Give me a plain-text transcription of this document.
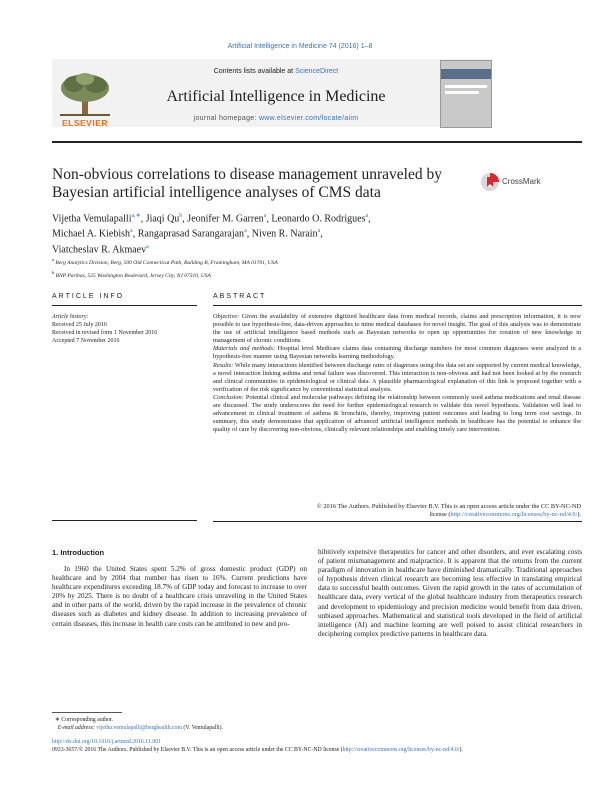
Artificial Intelligence in Medicine 74 (2016) 1–8
ELSEVIER
Contents lists available at ScienceDirect
Artificial Intelligence in Medicine
journal homepage: www.elsevier.com/locate/aiim
Non-obvious correlations to disease management unraveled by Bayesian artificial intelligence analyses of CMS data
CrossMark
Vijetha Vemulapalli$^{a,∗}$, Jiaqi Qu$^b$, Jeonifer M. Garren$^a$, Leonardo O. Rodrigues$^a$,
Michael A. Kiebish$^a$, Rangaprasad Sarangarajan$^a$, Niven R. Narain$^a$,
Viatcheslav R. Akmaev$^a$
$^a$ Berg Analytics Division, Berg, 500 Old Connecticut Path, Building B, Framingham, MA 01701, USA
$^b$ BNP Paribas, 525 Washington Boulevard, Jersey City, NJ 07310, USA
ARTICLE INFO	ABSTRACT
Article history:
Received 25 July 2016
Received in revised form 1 November 2016
Accepted 7 November 2016

Objective: Given the availability of extensive digitized healthcare data from medical records, claims and prescription information, it is now possible to use hypothesis-free, data-driven approaches to mine medical databases for novel insight. The goal of this analysis was to demonstrate the use of artificial intelligence based methods such as Bayesian networks to open up opportunities for creation of new knowledge in management of chronic conditions.

Materials and methods: Hospital level Medicare claims data containing discharge numbers for most common diagnoses were analyzed in a hypothesis-free manner using Bayesian networks learning methodology.

Results: While many interactions identified between discharge rates of diagnoses using this data set are supported by current medical knowledge, a novel interaction linking asthma and renal failure was discovered. This interaction is non-obvious and had not been looked at by the research and clinical communities in epidemiological or clinical data. A plausible pharmacological explanation of this link is proposed together with a verification of the risk significance by conventional statistical analysis.

Conclusion: Potential clinical and molecular pathways defining the relationship between commonly used asthma medications and renal disease are discussed. The study underscores the need for further epidemiological research to validate this novel hypothesis. Validation will lead to advancement in clinical treatment of asthma & bronchitis, thereby, improving patient outcomes and leading to long term cost savings. In summary, this study demonstrates that application of advanced artificial intelligence methods in healthcare has the potential to enhance the quality of care by discovering non-obvious, clinically relevant relationships and enabling timely care intervention.

© 2016 The Authors. Published by Elsevier B.V. This is an open access article under the CC BY-NC-ND
license (http://creativecommons.org/licenses/by-nc-nd/4.0/).
1. Introduction
In 1960 the United States spent 5.2% of gross domestic product (GDP) on healthcare and by 2004 that number has risen to 16%. Current predictions have healthcare expenditures exceeding 18.7% of GDP today and forecast to increase to over 20% by 2025. There is no doubt of a healthcare crisis unraveling in the United States and in other parts of the world, driven by the rapid increase in the prevalence of chronic diseases such as diabetes and kidney disease. In addition to increasing prevalence of certain diseases, this increase in health care costs can be attributed to new and pro-
hibitively expensive therapeutics for cancer and other disorders, and ever escalating costs of patient mismanagement and malpractice. It is apparent that the returns from the current paradigm of innovation in healthcare have diminished dramatically. Traditional approaches of hypothesis driven clinical research are becoming less effective in translating empirical data to successful health outcomes. Given the rapid growth in the rates of accumulation of healthcare data, every vertical of the global healthcare industry from therapeutics research and development to epidemiology and precision medicine would benefit from data driven, unbiased approaches. Mathematical and statistical tools developed in the field of artificial intelligence (AI) and machine learning are well poised to assist clinical researchers in deciphering complex predictive patterns in healthcare data.
∗ Corresponding author.
E-mail address: vijetha.vemulapalli@berghealth.com (V. Vemulapalli).
http://dx.doi.org/10.1016/j.artmed.2016.11.001
0933-3657/© 2016 The Authors. Published by Elsevier B.V. This is an open access article under the CC BY-NC-ND license (http://creativecommons.org/licenses/by-nc-nd/4.0/).
